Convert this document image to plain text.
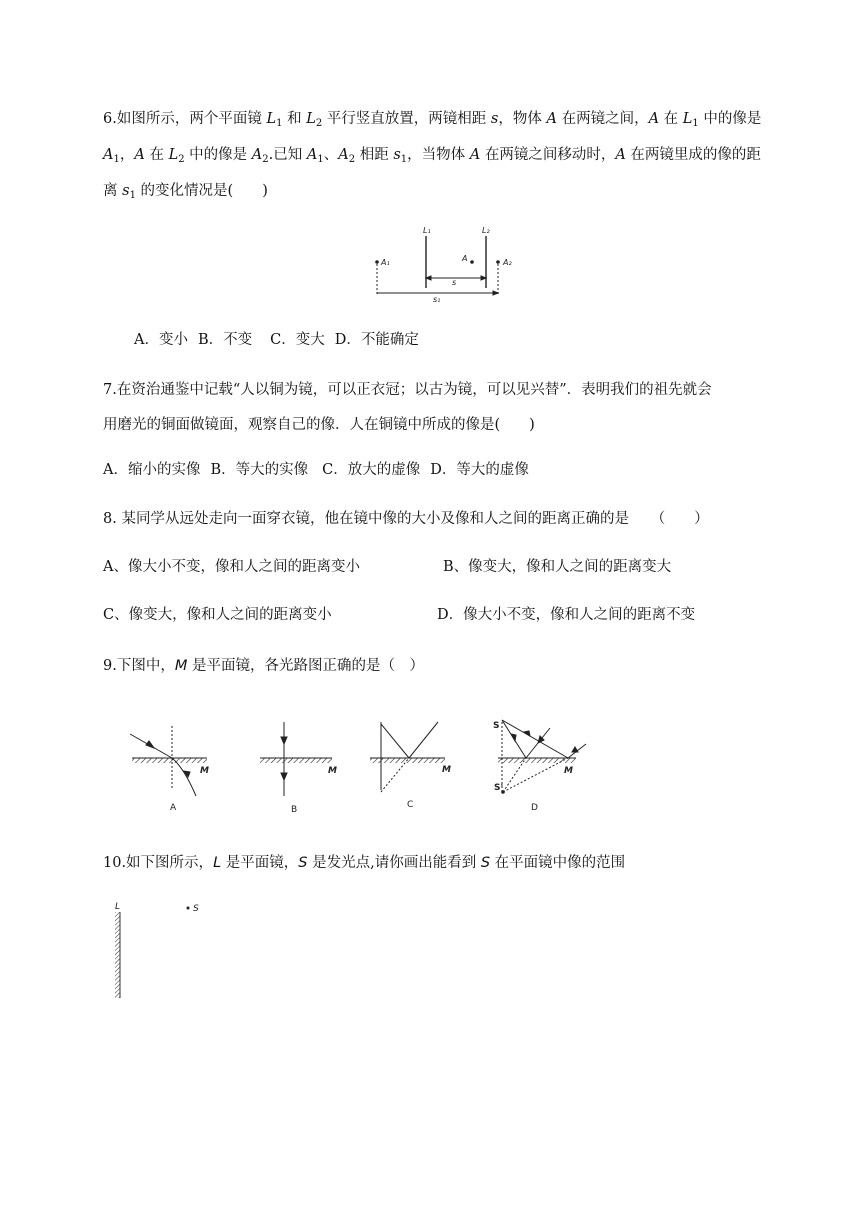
6.如图所示，两个平面镜 $L_1$ 和 $L_2$ 平行竖直放置，两镜相距 s，物体 A 在两镜之间，A 在 $L_1$ 中的像是
$A_1$，A 在 $L_2$ 中的像是 $A_2$.已知 $A_1$、$A_2$ 相距 $s_1$，当物体 A 在两镜之间移动时，A 在两镜里成的像的距
离 $s_1$ 的变化情况是(　　)
L₁	L₂
A
A₁	A₂
s
s₁
A．变小 B．不变 C．变大 D．不能确定
7.在资治通鉴中记载“人以铜为镜，可以正衣冠；以古为镜，可以见兴替”．表明我们的祖先就会
用磨光的铜面做镜面，观察自己的像．人在铜镜中所成的像是(　　)
A．缩小的实像 B．等大的实像 C．放大的虚像 D．等大的虚像
8. 某同学从远处走向一面穿衣镜，他在镜中像的大小及像和人之间的距离正确的是　　（　　）
A、像大小不变，像和人之间的距离变小	B、像变大，像和人之间的距离变大
C、像变大，像和人之间的距离变小	D．像大小不变，像和人之间的距离不变
9.下图中，M 是平面镜，各光路图正确的是（　）
M	M	M	M
S
S'
A	B	C	D
10.如下图所示，L 是平面镜，S 是发光点,请你画出能看到 S 在平面镜中像的范围
L	S
